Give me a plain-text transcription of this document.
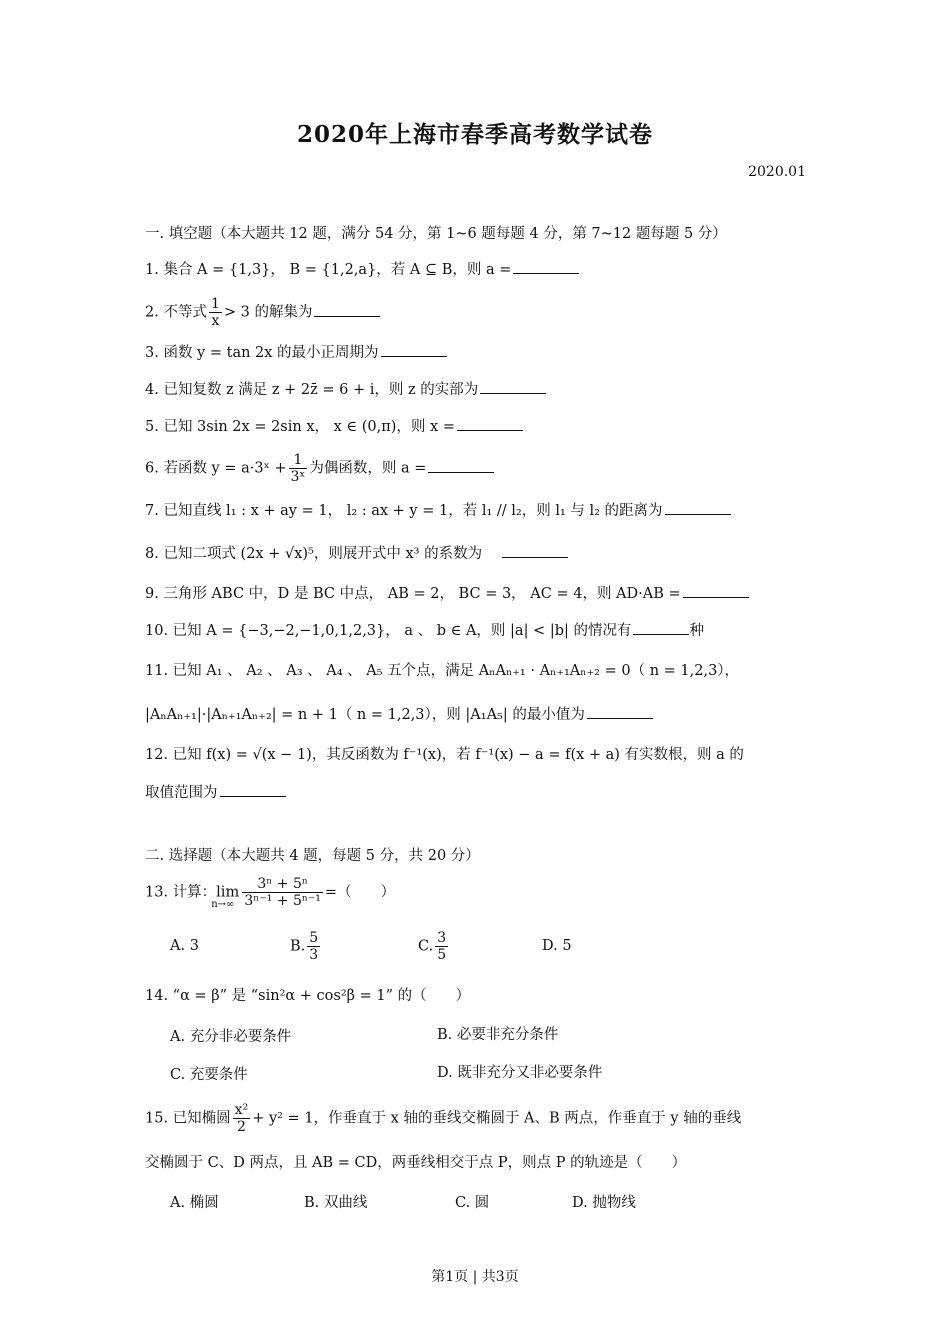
2020年上海市春季高考数学试卷
2020.01
一. 填空题（本大题共 12 题，满分 54 分，第 1~6 题每题 4 分，第 7~12 题每题 5 分）
1. 集合 A = {1,3}， B = {1,2,a}，若 A ⊆ B，则 a =
2. 不等式 $\frac{1}{x} > 3$ 的解集为
3. 函数 y = tan 2x 的最小正周期为
4. 已知复数 z 满足 z + 2z̄ = 6 + i，则 z 的实部为
5. 已知 3sin 2x = 2sin x， x ∈ (0,π)，则 x =
6. 若函数 y = a·3ˣ + $\frac{1}{\text{3ˣ}}$ 为偶函数，则 a =
7. 已知直线 l₁ : x + ay = 1， l₂ : ax + y = 1，若 l₁ // l₂，则 l₁ 与 l₂ 的距离为
8. 已知二项式 (2x + √x)⁵，则展开式中 x³ 的系数为
9. 三角形 ABC 中，D 是 BC 中点， AB = 2， BC = 3， AC = 4，则 AD·AB =
10. 已知 A = {−3,−2,−1,0,1,2,3}， a 、 b ∈ A，则 |a| < |b| 的情况有	种
11. 已知 A₁ 、 A₂ 、 A₃ 、 A₄ 、 A₅ 五个点，满足 AₙAₙ₊₁ · Aₙ₊₁Aₙ₊₂ = 0（ n = 1,2,3），
|AₙAₙ₊₁|·|Aₙ₊₁Aₙ₊₂| = n + 1（ n = 1,2,3），则 |A₁A₅| 的最小值为
12. 已知 f(x) = √(x − 1)，其反函数为 f⁻¹(x)，若 f⁻¹(x) − a = f(x + a) 有实数根，则 a 的
取值范围为
二. 选择题（本大题共 4 题，每题 5 分，共 20 分）
13. 计算：$\lim_{n\to\infty} \frac{\text{3ⁿ + 5ⁿ}}{\text{3ⁿ⁻¹ + 5ⁿ⁻¹}}$ =（　　）
A. 3	B. $\frac{5}{3}$	C. $\frac{3}{5}$	D. 5
14. “α = β” 是 “sin²α + cos²β = 1” 的（　　）
A. 充分非必要条件	B. 必要非充分条件
C. 充要条件	D. 既非充分又非必要条件
15. 已知椭圆 $\frac{\text{x²}}{2} + y^2 = 1$，作垂直于 x 轴的垂线交椭圆于 A、B 两点，作垂直于 y 轴的垂线
交椭圆于 C、D 两点，且 AB = CD，两垂线相交于点 P，则点 P 的轨迹是（　　）
A. 椭圆	B. 双曲线	C. 圆	D. 抛物线
第1页 | 共3页
